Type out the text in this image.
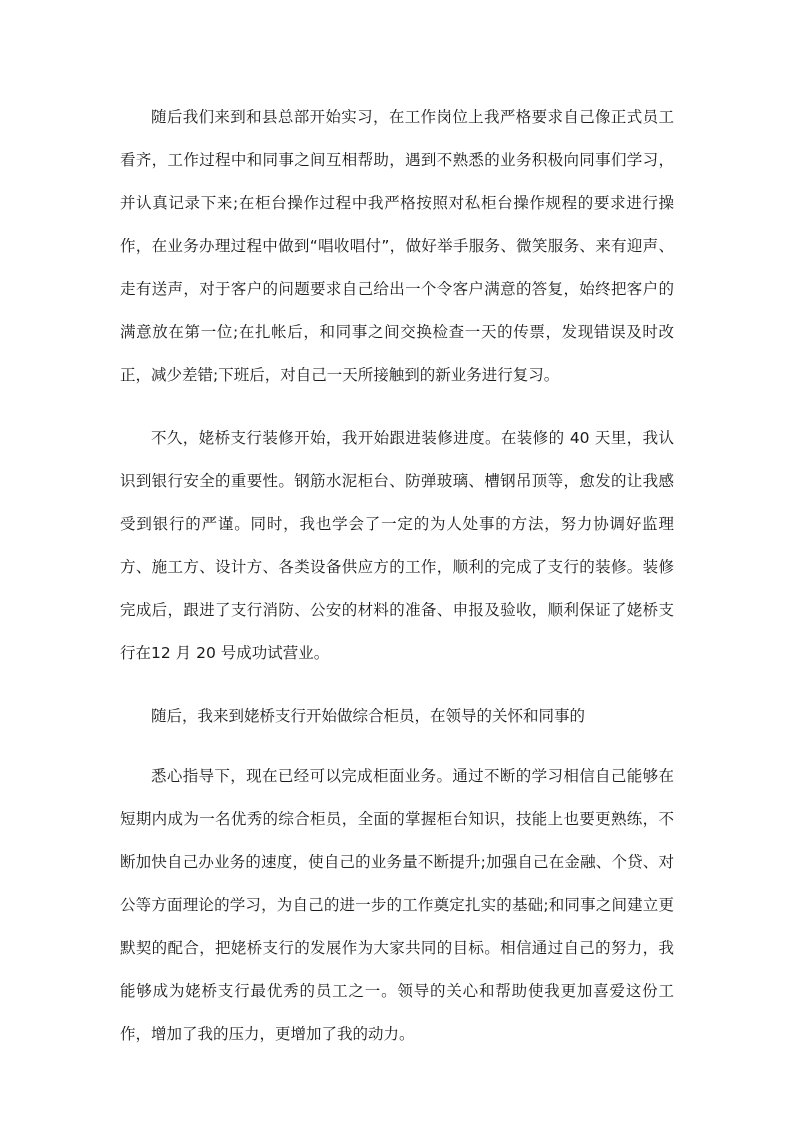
随后我们来到和县总部开始实习，在工作岗位上我严格要求自己像正式员工看齐，工作过程中和同事之间互相帮助，遇到不熟悉的业务积极向同事们学习，并认真记录下来;在柜台操作过程中我严格按照对私柜台操作规程的要求进行操作，在业务办理过程中做到“唱收唱付”，做好举手服务、微笑服务、来有迎声、走有送声，对于客户的问题要求自己给出一个令客户满意的答复，始终把客户的满意放在第一位;在扎帐后，和同事之间交换检查一天的传票，发现错误及时改正，减少差错;下班后，对自己一天所接触到的新业务进行复习。

不久，姥桥支行装修开始，我开始跟进装修进度。在装修的 40 天里，我认识到银行安全的重要性。钢筋水泥柜台、防弹玻璃、槽钢吊顶等，愈发的让我感受到银行的严谨。同时，我也学会了一定的为人处事的方法，努力协调好监理方、施工方、设计方、各类设备供应方的工作，顺利的完成了支行的装修。装修完成后，跟进了支行消防、公安的材料的准备、申报及验收，顺利保证了姥桥支行在12 月 20 号成功试营业。

随后，我来到姥桥支行开始做综合柜员，在领导的关怀和同事的

悉心指导下，现在已经可以完成柜面业务。通过不断的学习相信自己能够在短期内成为一名优秀的综合柜员，全面的掌握柜台知识，技能上也要更熟练，不断加快自己办业务的速度，使自己的业务量不断提升;加强自己在金融、个贷、对公等方面理论的学习，为自己的进一步的工作奠定扎实的基础;和同事之间建立更默契的配合，把姥桥支行的发展作为大家共同的目标。相信通过自己的努力，我能够成为姥桥支行最优秀的员工之一。领导的关心和帮助使我更加喜爱这份工作，增加了我的压力，更增加了我的动力。
